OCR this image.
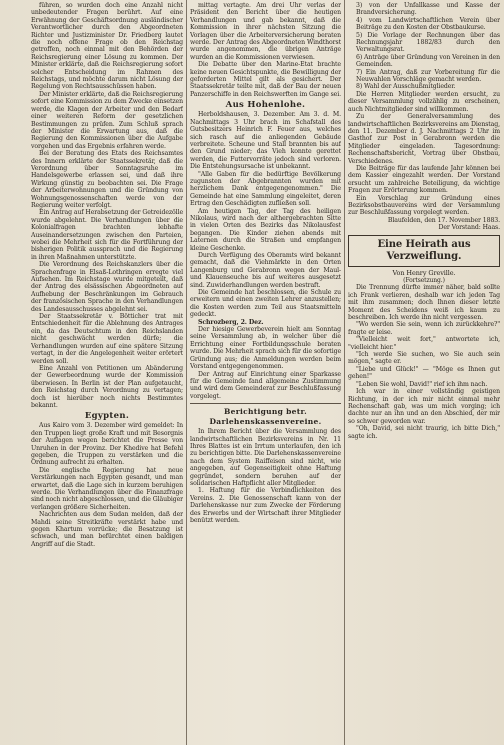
führen, so wurden doch eine Anzahl nicht unbedeutender Fragen berührt. Auf eine Erwähnung der Geschäftsordnung ausländischer Verantwortlicher durch den Abgeordneten Richter und Justizminister Dr. Friedberg lautet die noch offene Frage ob den Reichstag getroffen, noch einmal mit den Behörden der Reichsregierung einer Lösung zu kommen. Der Minister erklärte, daß die Reichsregierung sofort solcher Entscheidung im Rahmen des Reichstags, und möchte darum nicht Lösung der Regelung von Rechtsausschüssen haben.

Der Minister erklärte, daß die Reichsregierung sofort eine Kommission zu dem Zwecke einsetzen werde, die Klagen der Arbeiter und den Bedarf einer weiteren Reform der gesetzlichen Bestimmungen zu prüfen. Zum Schluß sprach der Minister die Erwartung aus, daß die Regierung den Kommissionen über die Aufgabe vorgehen und das Ergebnis erfahren werde.

Bei der Beratung des Etats des Reichsamtes des Innern erklärte der Staatssekretär, daß die Verordnung über Sonntagsruhe im Handelsgewerbe erlassen sei, und daß ihre Wirkung günstig zu beobachten sei. Die Frage der Arbeiterwohnungen und die Gründung von Wohnungsgenossenschaften werde von der Regierung weiter verfolgt.

Ein Antrag auf Herabsetzung der Getreidezölle wurde abgelehnt. Die Verhandlungen über die Kolonialfragen brachten lebhafte Auseinandersetzungen zwischen den Parteien, wobei die Mehrheit sich für die Fortführung der bisherigen Politik aussprach und die Regierung in ihren Maßnahmen unterstützte.

Die Verordnung des Reichskanzlers über die Sprachenfrage in Elsaß-Lothringen erregte viel Aufsehen. Im Reichstage wurde mitgeteilt, daß der Antrag des elsässischen Abgeordneten auf Aufhebung der Beschränkungen im Gebrauch der französischen Sprache in den Verhandlungen des Landesausschusses abgelehnt sei.

Der Staatssekretär v. Bötticher trat mit Entschiedenheit für die Ablehnung des Antrages ein, da das Deutschtum in den Reichslanden nicht geschwächt werden dürfe; die Verhandlungen wurden auf eine spätere Sitzung vertagt, in der die Angelegenheit weiter erörtert werden soll.

Eine Anzahl von Petitionen um Abänderung der Gewerbeordnung wurde der Kommission überwiesen. In Berlin ist der Plan aufgetaucht, den Reichstag durch Verordnung zu vertagen; doch ist hierüber noch nichts Bestimmtes bekannt.

Egypten.

Aus Kairo vom 3. Dezember wird gemeldet: In den Truppen liegt große Kraft und mit Besorgnis der Auflagen wegen berichtet die Presse von Unruhen in der Provinz. Der Khedive hat Befehl gegeben, die Truppen zu verstärken und die Ordnung aufrecht zu erhalten.

Die englische Regierung hat neue Verstärkungen nach Egypten gesandt, und man erwartet, daß die Lage sich in kurzem beruhigen werde. Die Verhandlungen über die Finanzfrage sind noch nicht abgeschlossen, und die Gläubiger verlangen größere Sicherheiten.

Nachrichten aus dem Sudan melden, daß der Mahdi seine Streitkräfte verstärkt habe und gegen Khartum vorrücke; die Besatzung ist schwach, und man befürchtet einen baldigen Angriff auf die Stadt.

mittag vertagte. Am drei Uhr verlas der Präsident den Bericht über die heutigen Verhandlungen und gab bekannt, daß die Kommission in ihrer nächsten Sitzung die Vorlagen über die Arbeiterversicherung beraten werde. Der Antrag des Abgeordneten Windthorst wurde angenommen, die übrigen Anträge wurden an die Kommissionen verwiesen.

Die Debatte über den Marine-Etat brachte keine neuen Gesichtspunkte, die Bewilligung der geforderten Mittel gilt als gesichert. Der Staatssekretär teilte mit, daß der Bau der neuen Panzerschiffe in den Reichswerften im Gange sei.

Aus Hohenlohe.

Herboldshausen, 3. Dezember. Am 3. d. M. Nachmittags 3 Uhr brach im Schafstall des Gutsbesitzers Heinrich F. Feuer aus, welches sich rasch auf die anliegenden Gebäude verbreitete. Scheune und Stall brannten bis auf den Grund nieder; das Vieh konnte gerettet werden, die Futtervorräte jedoch sind verloren. Die Entstehungsursache ist unbekannt.

"Alle Gaben für die bedürftige Bevölkerung zugunsten der Abgebrannten wurden mit herzlichem Dank entgegengenommen." Die Gemeinde hat eine Sammlung eingeleitet, deren Ertrag den Geschädigten zufließen soll.

Am heutigen Tag, der Tag des heiligen Nikolaus, wird nach der althergebrachten Sitte in vielen Orten des Bezirks das Nikolausfest begangen. Die Kinder ziehen abends mit Laternen durch die Straßen und empfangen kleine Geschenke.

Durch Verfügung des Oberamts wird bekannt gemacht, daß die Viehmärkte in den Orten Langenburg und Gerabronn wegen der Maul- und Klauenseuche bis auf weiteres ausgesetzt sind. Zuwiderhandlungen werden bestraft.

Die Gemeinde hat beschlossen, die Schule zu erweitern und einen zweiten Lehrer anzustellen; die Kosten werden zum Teil aus Staatsmitteln gedeckt.

Schrozberg, 2. Dez.

Der hiesige Gewerbeverein hielt am Sonntag seine Versammlung ab, in welcher über die Errichtung einer Fortbildungsschule beraten wurde. Die Mehrheit sprach sich für die sofortige Gründung aus; die Anmeldungen werden beim Vorstand entgegengenommen.

Der Antrag auf Einrichtung einer Sparkasse für die Gemeinde fand allgemeine Zustimmung und wird dem Gemeinderat zur Beschlußfassung vorgelegt.

Berichtigung betr. Darlehenskassenvereine.

In Ihrem Bericht über die Versammlung des landwirtschaftlichen Bezirksvereins in Nr. 11 Ihres Blattes ist ein Irrtum unterlaufen, den ich zu berichtigen bitte. Die Darlehenskassenvereine nach dem System Raiffeisen sind nicht, wie angegeben, auf Gegenseitigkeit ohne Haftung gegründet, sondern beruhen auf der solidarischen Haftpflicht aller Mitglieder.

1. Haftung für die Verbindlichkeiten des Vereins. 2. Die Genossenschaft kann von der Darlehenskasse nur zum Zwecke der Förderung des Erwerbs und der Wirtschaft ihrer Mitglieder benützt werden.

3) von der Unfallkasse und Kasse der Brandversicherung.

4) vom Landwirtschaftlichen Verein über Beiträge zu den Kosten der Obstbaukurse.

5) Die Vorlage der Rechnungen über das Rechnungsjahr 1882/83 durch den Verwaltungsrat.

6) Anträge über Gründung von Vereinen in den Gemeinden.

7) Ein Antrag, daß zur Vorbereitung für die Neuwahlen Vorschläge gemacht werden.

8) Wahl der Ausschußmitglieder.

Die Herren Mitglieder werden ersucht, zu dieser Versammlung vollzählig zu erscheinen, auch Nichtmitglieder sind willkommen.

Zu der Generalversammlung des landwirtschaftlichen Bezirksvereins am Dienstag, den 11. Dezember d. J. Nachmittags 2 Uhr im Gasthof zur Post in Gerabronn werden die Mitglieder eingeladen. Tagesordnung: Rechenschaftsbericht, Vortrag über Obstbau, Verschiedenes.

Die Beiträge für das laufende Jahr können bei dem Kassier eingezahlt werden. Der Vorstand ersucht um zahlreiche Beteiligung, da wichtige Fragen zur Erörterung kommen.

Ein Vorschlag zur Gründung eines Bezirksobstbauvereins wird der Versammlung zur Beschlußfassung vorgelegt werden.

Blaufelden, den 17. November 1883.
Der Vorstand: Haas.
Eine Heirath aus Verzweiflung.
Von Henry Greville.
(Fortsetzung.)

Die Trennung dürfte immer näher, bald sollte ich Frank verlieren, deshalb war ich jeden Tag mit ihm zusammen; doch Ihnen dieser letzte Moment des Scheidens weiß ich kaum zu beschreiben. Ich werde ihn nicht vergessen.

"Wo werden Sie sein, wenn ich zurückkehre?" fragte er leise.

"Vielleicht weit fort," antwortete ich, "vielleicht hier."

"Ich werde Sie suchen, wo Sie auch sein mögen," sagte er.

"Liebe und Glück!" — "Möge es Ihnen gut gehen!"

"Leben Sie wohl, David!" rief ich ihm nach.

Ich war in einer vollständig geistigen Richtung, in der ich mir nicht einmal mehr Rechenschaft gab, was um mich vorging; ich dachte nur an ihn und an den Abschied, der mir so schwer geworden war.

"Oh, David, sei nicht traurig, ich bitte Dich," sagte ich.
